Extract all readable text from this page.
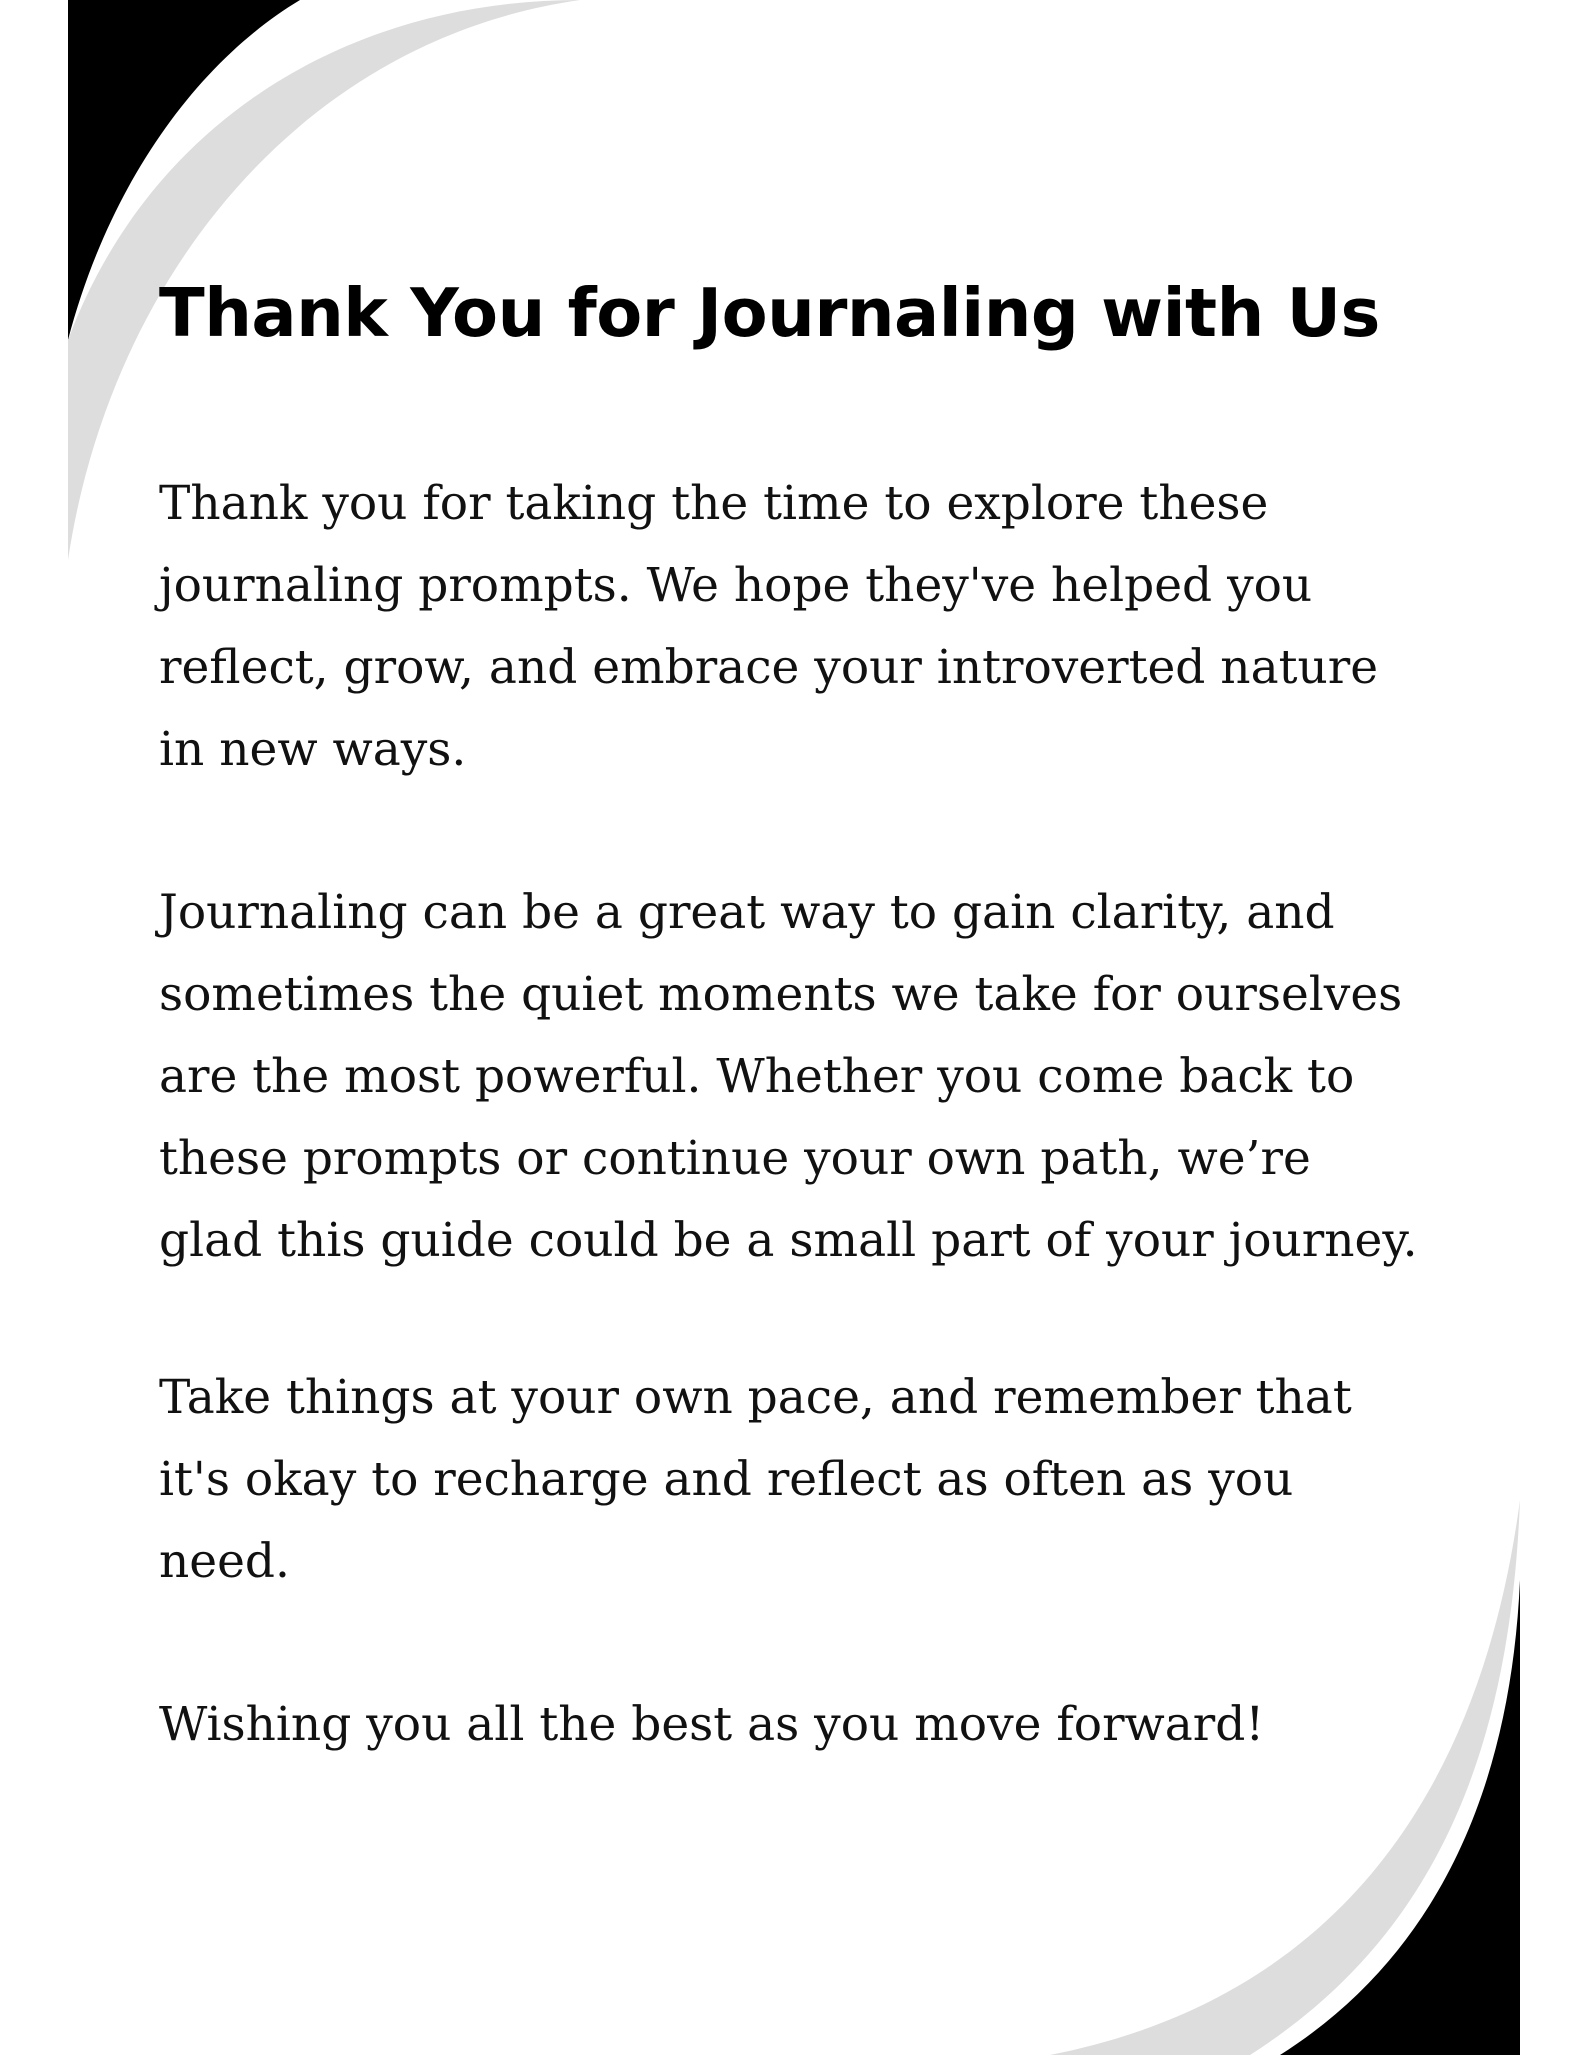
Thank You for Journaling with Us

Thank you for taking the time to explore these
journaling prompts. We hope they've helped you
reflect, grow, and embrace your introverted nature
in new ways.

Journaling can be a great way to gain clarity, and
sometimes the quiet moments we take for ourselves
are the most powerful. Whether you come back to
these prompts or continue your own path, we’re
glad this guide could be a small part of your journey.

Take things at your own pace, and remember that
it's okay to recharge and reflect as often as you
need.

Wishing you all the best as you move forward!
